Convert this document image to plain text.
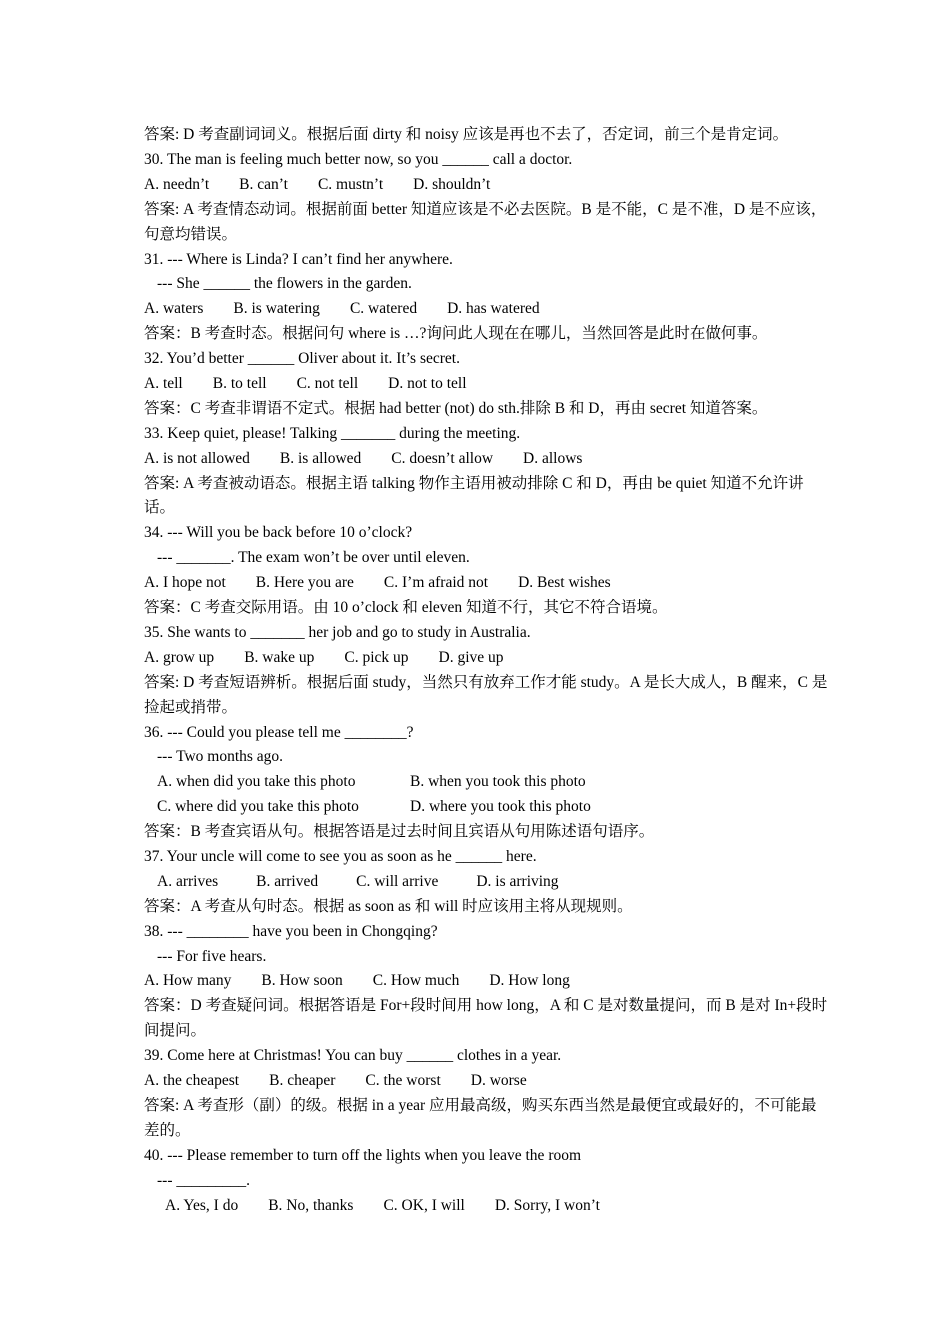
答案: D 考查副词词义。根据后面 dirty 和 noisy 应该是再也不去了，否定词，前三个是肯定词。
30. The man is feeling much better now, so you ______ call a doctor.
A. needn’t B. can’t C. mustn’t D. shouldn’t
答案: A 考查情态动词。根据前面 better 知道应该是不必去医院。B 是不能，C 是不准，D 是不应该，句意均错误。
31. --- Where is Linda? I can’t find her anywhere.
--- She ______ the flowers in the garden.
A. waters B. is watering C. watered D. has watered
答案：B 考查时态。根据问句 where is …?询问此人现在在哪儿，当然回答是此时在做何事。
32. You’d better ______ Oliver about it. It’s secret.
A. tell B. to tell C. not tell D. not to tell
答案：C 考查非谓语不定式。根据 had better (not) do sth.排除 B 和 D，再由 secret 知道答案。
33. Keep quiet, please! Talking _______ during the meeting.
A. is not allowed B. is allowed C. doesn’t allow D. allows
答案: A 考查被动语态。根据主语 talking 物作主语用被动排除 C 和 D，再由 be quiet 知道不允许讲话。
34. --- Will you be back before 10 o’clock?
--- _______. The exam won’t be over until eleven.
A. I hope not B. Here you are C. I’m afraid not D. Best wishes
答案：C 考查交际用语。由 10 o’clock 和 eleven 知道不行，其它不符合语境。
35. She wants to _______ her job and go to study in Australia.
A. grow up B. wake up C. pick up D. give up
答案: D 考查短语辨析。根据后面 study，当然只有放弃工作才能 study。A 是长大成人，B 醒来，C 是捡起或捎带。
36. --- Could you please tell me ________?
--- Two months ago.
A. when did you take this photo	B. when you took this photo
C. where did you take this photo	D. where you took this photo
答案：B 考查宾语从句。根据答语是过去时间且宾语从句用陈述语句语序。
37. Your uncle will come to see you as soon as he ______ here.
A. arrives B. arrived C. will arrive D. is arriving
答案：A 考查从句时态。根据 as soon as 和 will 时应该用主将从现规则。
38. --- ________ have you been in Chongqing?
--- For five hears.
A. How many B. How soon C. How much D. How long
答案：D 考查疑问词。根据答语是 For+段时间用 how long，A 和 C 是对数量提问，而 B 是对 In+段时间提问。
39. Come here at Christmas! You can buy ______ clothes in a year.
A. the cheapest B. cheaper C. the worst D. worse
答案: A 考查形（副）的级。根据 in a year 应用最高级，购买东西当然是最便宜或最好的，不可能最差的。
40. --- Please remember to turn off the lights when you leave the room
--- _________.
A. Yes, I do B. No, thanks C. OK, I will D. Sorry, I won’t
